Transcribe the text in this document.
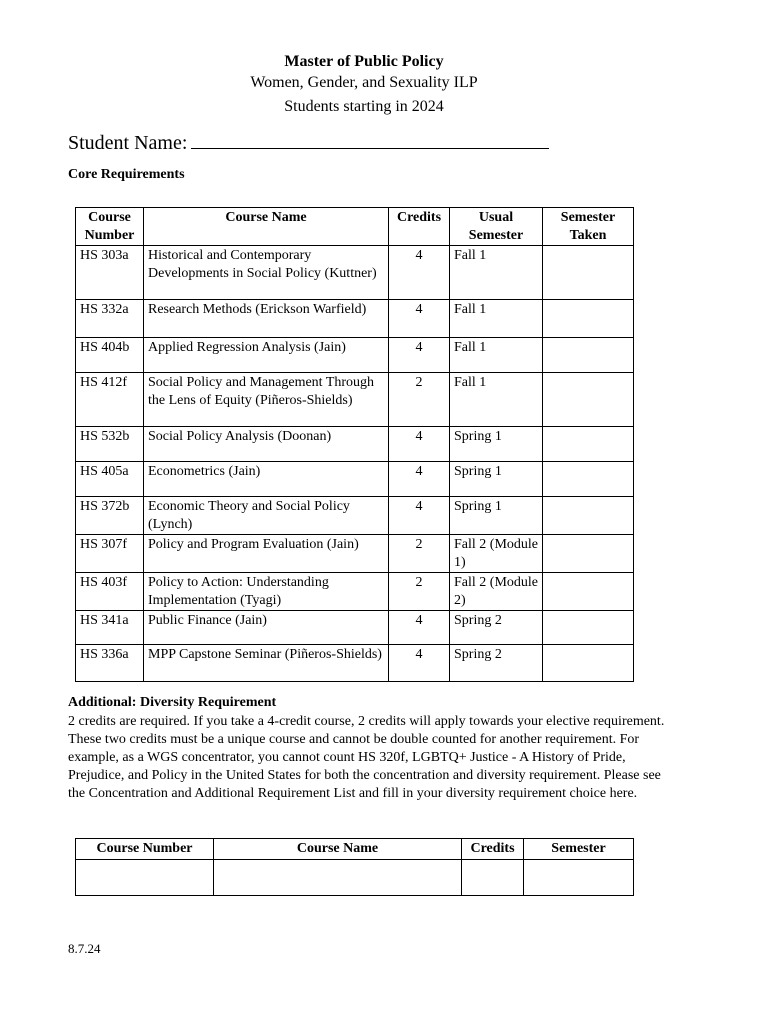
Master of Public Policy
Women, Gender, and Sexuality ILP
Students starting in 2024
Student Name:
Core Requirements
Course Number	Course Name	Credits	Usual Semester	Semester Taken
HS 303a	Historical and Contemporary Developments in Social Policy (Kuttner)	4	Fall 1	
HS 332a	Research Methods (Erickson Warfield)	4	Fall 1	
HS 404b	Applied Regression Analysis (Jain)	4	Fall 1	
HS 412f	Social Policy and Management Through the Lens of Equity (Piñeros-Shields)	2	Fall 1	
HS 532b	Social Policy Analysis (Doonan)	4	Spring 1	
HS 405a	Econometrics (Jain)	4	Spring 1	
HS 372b	Economic Theory and Social Policy (Lynch)	4	Spring 1	
HS 307f	Policy and Program Evaluation (Jain)	2	Fall 2 (Module 1)	
HS 403f	Policy to Action: Understanding Implementation (Tyagi)	2	Fall 2 (Module 2)	
HS 341a	Public Finance (Jain)	4	Spring 2	
HS 336a	MPP Capstone Seminar (Piñeros-Shields)	4	Spring 2	
Additional: Diversity Requirement
2 credits are required. If you take a 4-credit course, 2 credits will apply towards your elective requirement. These two credits must be a unique course and cannot be double counted for another requirement. For example, as a WGS concentrator, you cannot count HS 320f, LGBTQ+ Justice - A History of Pride, Prejudice, and Policy in the United States for both the concentration and diversity requirement. Please see the Concentration and Additional Requirement List and fill in your diversity requirement choice here.
Course Number	Course Name	Credits	Semester

8.7.24
